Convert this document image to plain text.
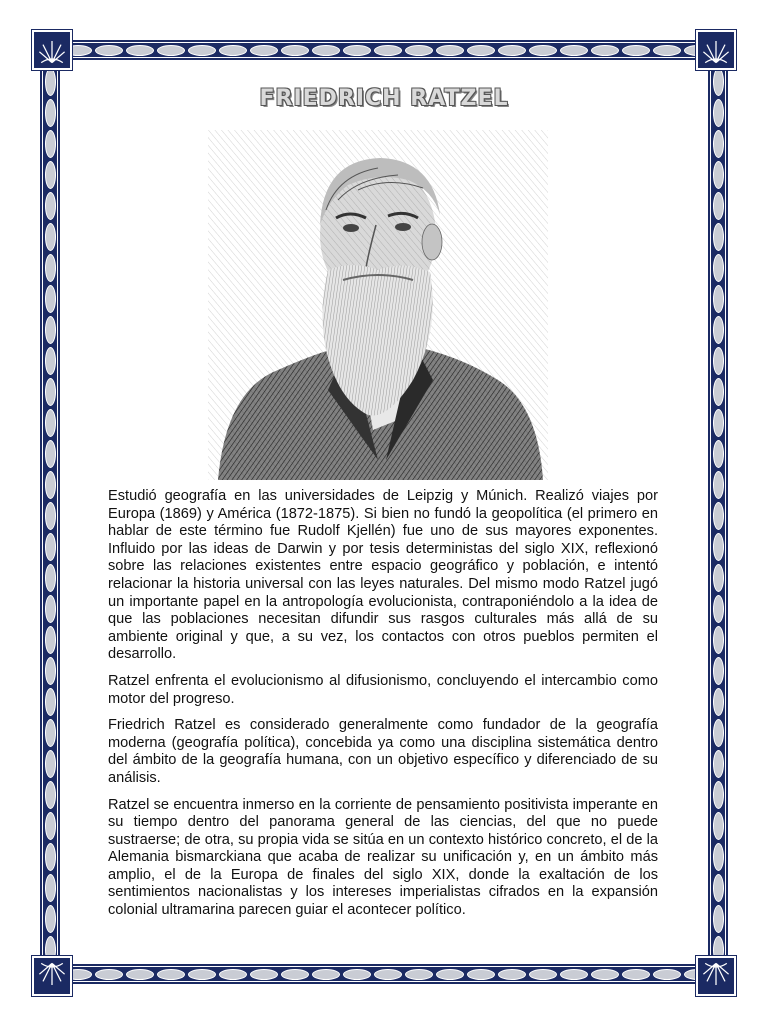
FRIEDRICH RATZEL

Estudió geografía en las universidades de Leipzig y Múnich. Realizó viajes por Europa (1869) y América (1872-1875). Si bien no fundó la geopolítica (el primero en hablar de este término fue Rudolf Kjellén) fue uno de sus mayores exponentes. Influido por las ideas de Darwin y por tesis deterministas del siglo XIX, reflexionó sobre las relaciones existentes entre espacio geográfico y población, e intentó relacionar la historia universal con las leyes naturales. Del mismo modo Ratzel jugó un importante papel en la antropología evolucionista, contraponiéndolo a la idea de que las poblaciones necesitan difundir sus rasgos culturales más allá de su ambiente original y que, a su vez, los contactos con otros pueblos permiten el desarrollo.

Ratzel enfrenta el evolucionismo al difusionismo, concluyendo el intercambio como motor del progreso.

Friedrich Ratzel es considerado generalmente como fundador de la geografía moderna (geografía política), concebida ya como una disciplina sistemática dentro del ámbito de la geografía humana, con un objetivo específico y diferenciado de su análisis.

Ratzel se encuentra inmerso en la corriente de pensamiento positivista imperante en su tiempo dentro del panorama general de las ciencias, del que no puede sustraerse; de otra, su propia vida se sitúa en un contexto histórico concreto, el de la Alemania bismarckiana que acaba de realizar su unificación y, en un ámbito más amplio, el de la Europa de finales del siglo XIX, donde la exaltación de los sentimientos nacionalistas y los intereses imperialistas cifrados en la expansión colonial ultramarina parecen guiar el acontecer político.
